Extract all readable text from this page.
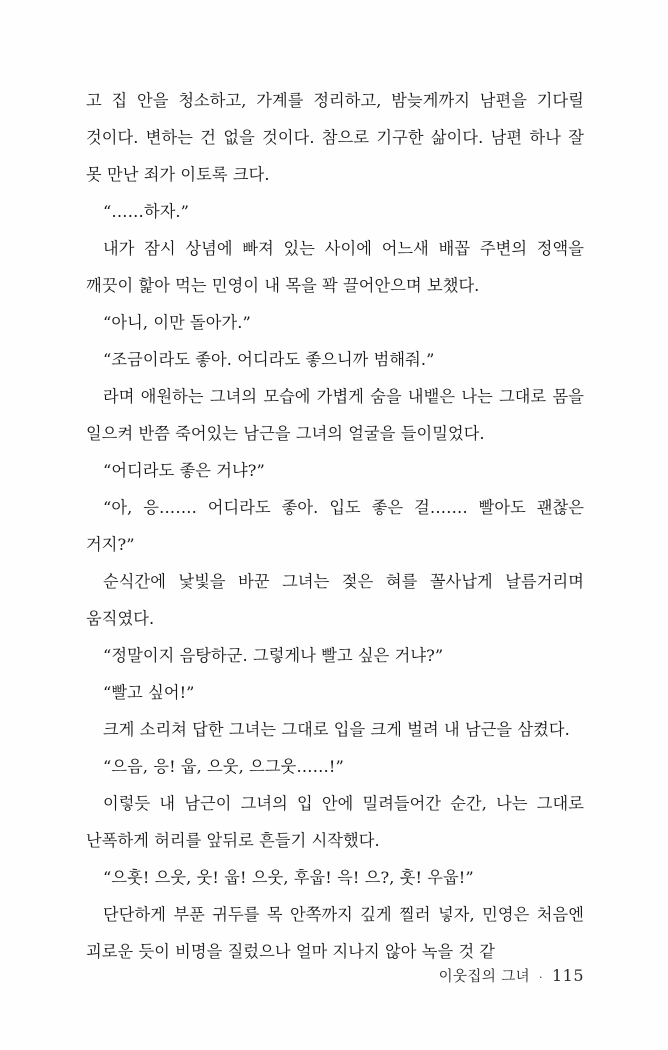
고 집 안을 청소하고, 가계를 정리하고, 밤늦게까지 남편을 기다릴 것이다. 변하는 건 없을 것이다. 참으로 기구한 삶이다. 남편 하나 잘 못 만난 죄가 이토록 크다.

“……하자.”

내가 잠시 상념에 빠져 있는 사이에 어느새 배꼽 주변의 정액을 깨끗이 핥아 먹는 민영이 내 목을 꽉 끌어안으며 보챘다.

“아니, 이만 돌아가.”

“조금이라도 좋아. 어디라도 좋으니까 범해줘.”

라며 애원하는 그녀의 모습에 가볍게 숨을 내뱉은 나는 그대로 몸을 일으켜 반쯤 죽어있는 남근을 그녀의 얼굴을 들이밀었다.

“어디라도 좋은 거냐?”

“아, 응……. 어디라도 좋아. 입도 좋은 걸……. 빨아도 괜찮은 거지?”

순식간에 낯빛을 바꾼 그녀는 젖은 혀를 꼴사납게 날름거리며 움직였다.

“정말이지 음탕하군. 그렇게나 빨고 싶은 거냐?”

“빨고 싶어!”

크게 소리쳐 답한 그녀는 그대로 입을 크게 벌려 내 남근을 삼켰다.

“으음, 응! 웁, 으웃, 으그웃……!”

이렇듯 내 남근이 그녀의 입 안에 밀려들어간 순간, 나는 그대로 난폭하게 허리를 앞뒤로 흔들기 시작했다.

“으훗! 으웃, 웃! 웁! 으웃, 후웁! 윽! 으?, 훗! 우웁!”

단단하게 부푼 귀두를 목 안쪽까지 깊게 찔러 넣자, 민영은 처음엔 괴로운 듯이 비명을 질렀으나 얼마 지나지 않아 녹을 것 같

이웃집의 그녀 · 115
